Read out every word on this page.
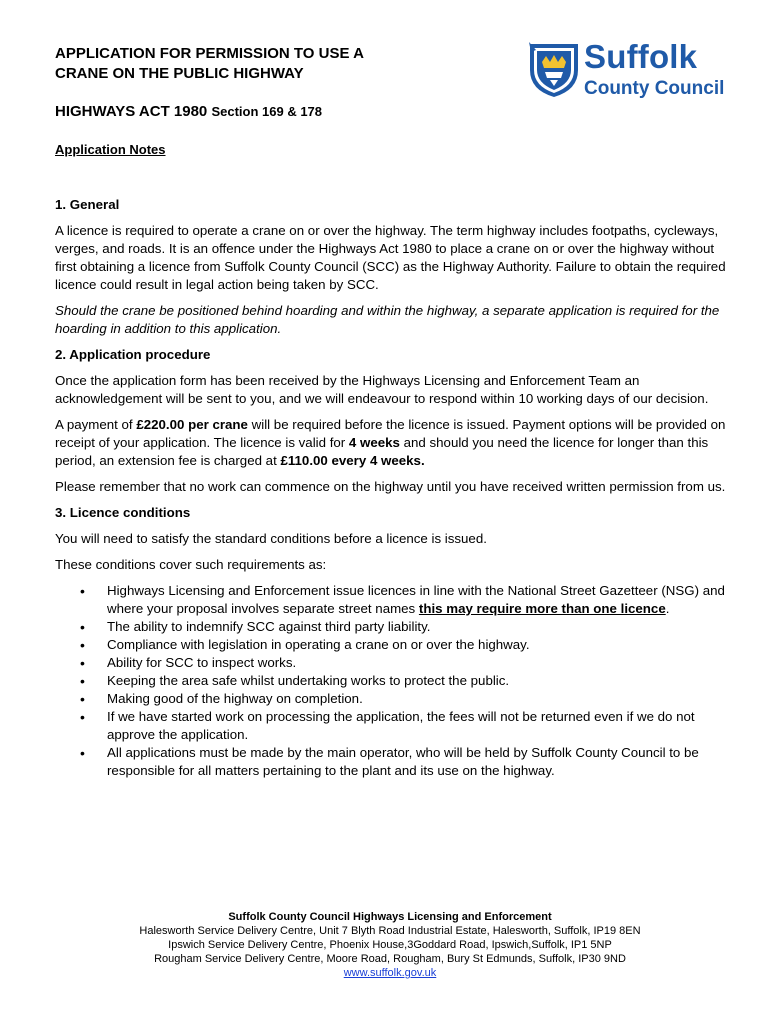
APPLICATION FOR PERMISSION TO USE A
CRANE ON THE PUBLIC HIGHWAY
HIGHWAYS ACT 1980 Section 169 & 178
Suffolk
County Council
Application Notes
1. General

A licence is required to operate a crane on or over the highway. The term highway includes footpaths, cycleways, verges, and roads. It is an offence under the Highways Act 1980 to place a crane on or over the highway without first obtaining a licence from Suffolk County Council (SCC) as the Highway Authority. Failure to obtain the required licence could result in legal action being taken by SCC.

Should the crane be positioned behind hoarding and within the highway, a separate application is required for the hoarding in addition to this application.

2. Application procedure

Once the application form has been received by the Highways Licensing and Enforcement Team an acknowledgement will be sent to you, and we will endeavour to respond within 10 working days of our decision.

A payment of £220.00 per crane will be required before the licence is issued. Payment options will be provided on receipt of your application. The licence is valid for 4 weeks and should you need the licence for longer than this period, an extension fee is charged at £110.00 every 4 weeks.

Please remember that no work can commence on the highway until you have received written permission from us.

3. Licence conditions

You will need to satisfy the standard conditions before a licence is issued.

These conditions cover such requirements as:

• Highways Licensing and Enforcement issue licences in line with the National Street Gazetteer (NSG) and where your proposal involves separate street names this may require more than one licence.
• The ability to indemnify SCC against third party liability.
• Compliance with legislation in operating a crane on or over the highway.
• Ability for SCC to inspect works.
• Keeping the area safe whilst undertaking works to protect the public.
• Making good of the highway on completion.
• If we have started work on processing the application, the fees will not be returned even if we do not approve the application.
• All applications must be made by the main operator, who will be held by Suffolk County Council to be responsible for all matters pertaining to the plant and its use on the highway.
Suffolk County Council Highways Licensing and Enforcement
Halesworth Service Delivery Centre, Unit 7 Blyth Road Industrial Estate, Halesworth, Suffolk, IP19 8EN
Ipswich Service Delivery Centre, Phoenix House,3Goddard Road, Ipswich,Suffolk, IP1 5NP
Rougham Service Delivery Centre, Moore Road, Rougham, Bury St Edmunds, Suffolk, IP30 9ND
www.suffolk.gov.uk
